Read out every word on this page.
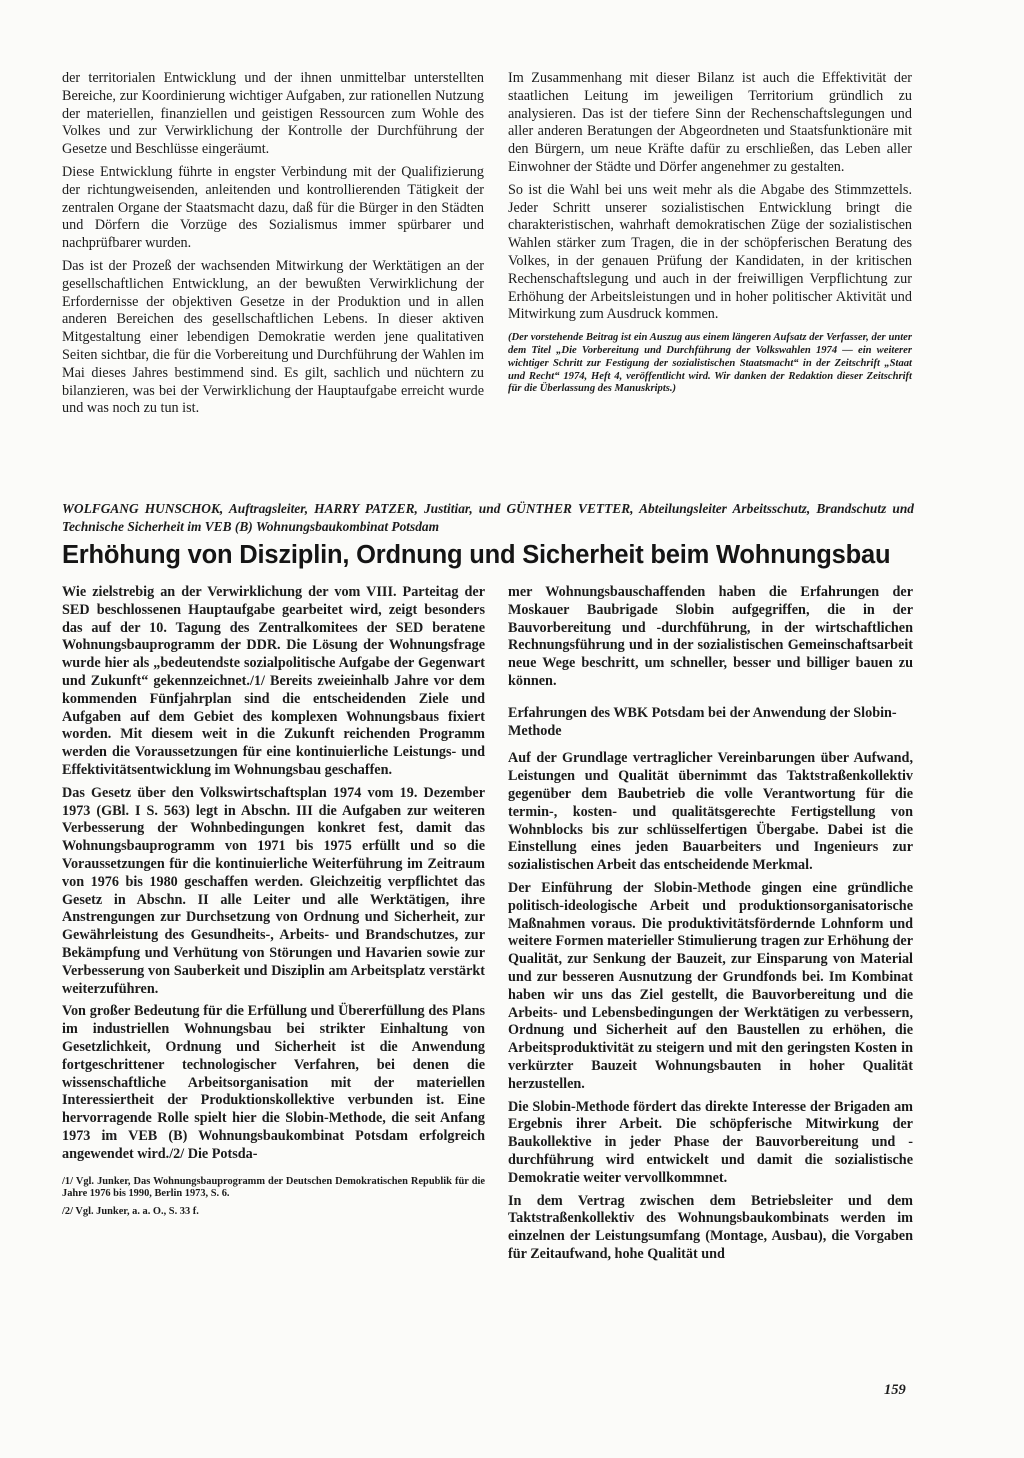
der territorialen Entwicklung und der ihnen unmittelbar unterstellten Bereiche, zur Koordinierung wichtiger Aufgaben, zur rationellen Nutzung der materiellen, finanziellen und geistigen Ressourcen zum Wohle des Volkes und zur Verwirklichung der Kontrolle der Durchführung der Gesetze und Beschlüsse eingeräumt.

Diese Entwicklung führte in engster Verbindung mit der Qualifizierung der richtungweisenden, anleitenden und kontrollierenden Tätigkeit der zentralen Organe der Staatsmacht dazu, daß für die Bürger in den Städten und Dörfern die Vorzüge des Sozialismus immer spürbarer und nachprüfbarer wurden.

Das ist der Prozeß der wachsenden Mitwirkung der Werktätigen an der gesellschaftlichen Entwicklung, an der bewußten Verwirklichung der Erfordernisse der objektiven Gesetze in der Produktion und in allen anderen Bereichen des gesellschaftlichen Lebens. In dieser aktiven Mitgestaltung einer lebendigen Demokratie werden jene qualitativen Seiten sichtbar, die für die Vorbereitung und Durchführung der Wahlen im Mai dieses Jahres bestimmend sind. Es gilt, sachlich und nüchtern zu bilanzieren, was bei der Verwirklichung der Hauptaufgabe erreicht wurde und was noch zu tun ist.

Im Zusammenhang mit dieser Bilanz ist auch die Effektivität der staatlichen Leitung im jeweiligen Territorium gründlich zu analysieren. Das ist der tiefere Sinn der Rechenschaftslegungen und aller anderen Beratungen der Abgeordneten und Staatsfunktionäre mit den Bürgern, um neue Kräfte dafür zu erschließen, das Leben aller Einwohner der Städte und Dörfer angenehmer zu gestalten.

So ist die Wahl bei uns weit mehr als die Abgabe des Stimmzettels. Jeder Schritt unserer sozialistischen Entwicklung bringt die charakteristischen, wahrhaft demokratischen Züge der sozialistischen Wahlen stärker zum Tragen, die in der schöpferischen Beratung des Volkes, in der genauen Prüfung der Kandidaten, in der kritischen Rechenschaftslegung und auch in der freiwilligen Verpflichtung zur Erhöhung der Arbeitsleistungen und in hoher politischer Aktivität und Mitwirkung zum Ausdruck kommen.

(Der vorstehende Beitrag ist ein Auszug aus einem längeren Aufsatz der Verfasser, der unter dem Titel „Die Vorbereitung und Durchführung der Volkswahlen 1974 — ein weiterer wichtiger Schritt zur Festigung der sozialistischen Staatsmacht“ in der Zeitschrift „Staat und Recht“ 1974, Heft 4, veröffentlicht wird. Wir danken der Redaktion dieser Zeitschrift für die Überlassung des Manuskripts.)

WOLFGANG HUNSCHOK, Auftragsleiter, HARRY PATZER, Justitiar, und GÜNTHER VETTER, Abteilungsleiter Arbeitsschutz, Brandschutz und Technische Sicherheit im VEB (B) Wohnungsbaukombinat Potsdam
Erhöhung von Disziplin, Ordnung und Sicherheit beim Wohnungsbau

Wie zielstrebig an der Verwirklichung der vom VIII. Parteitag der SED beschlossenen Hauptaufgabe gearbeitet wird, zeigt besonders das auf der 10. Tagung des Zentralkomitees der SED beratene Wohnungsbauprogramm der DDR. Die Lösung der Wohnungsfrage wurde hier als „bedeutendste sozialpolitische Aufgabe der Gegenwart und Zukunft“ gekennzeichnet./1/ Bereits zweieinhalb Jahre vor dem kommenden Fünfjahrplan sind die entscheidenden Ziele und Aufgaben auf dem Gebiet des komplexen Wohnungsbaus fixiert worden. Mit diesem weit in die Zukunft reichenden Programm werden die Voraussetzungen für eine kontinuierliche Leistungs- und Effektivitätsentwicklung im Wohnungsbau geschaffen.

Das Gesetz über den Volkswirtschaftsplan 1974 vom 19. Dezember 1973 (GBl. I S. 563) legt in Abschn. III die Aufgaben zur weiteren Verbesserung der Wohnbedingungen konkret fest, damit das Wohnungsbauprogramm von 1971 bis 1975 erfüllt und so die Voraussetzungen für die kontinuierliche Weiterführung im Zeitraum von 1976 bis 1980 geschaffen werden. Gleichzeitig verpflichtet das Gesetz in Abschn. II alle Leiter und alle Werktätigen, ihre Anstrengungen zur Durchsetzung von Ordnung und Sicherheit, zur Gewährleistung des Gesundheits-, Arbeits- und Brandschutzes, zur Bekämpfung und Verhütung von Störungen und Havarien sowie zur Verbesserung von Sauberkeit und Disziplin am Arbeitsplatz verstärkt weiterzuführen.

Von großer Bedeutung für die Erfüllung und Übererfüllung des Plans im industriellen Wohnungsbau bei strikter Einhaltung von Gesetzlichkeit, Ordnung und Sicherheit ist die Anwendung fortgeschrittener technologischer Verfahren, bei denen die wissenschaftliche Arbeitsorganisation mit der materiellen Interessiertheit der Produktionskollektive verbunden ist. Eine hervorragende Rolle spielt hier die Slobin-Methode, die seit Anfang 1973 im VEB (B) Wohnungsbaukombinat Potsdam erfolgreich angewendet wird./2/ Die Potsda-

/1/ Vgl. Junker, Das Wohnungsbauprogramm der Deutschen Demokratischen Republik für die Jahre 1976 bis 1990, Berlin 1973, S. 6.

/2/ Vgl. Junker, a. a. O., S. 33 f.

mer Wohnungsbauschaffenden haben die Erfahrungen der Moskauer Baubrigade Slobin aufgegriffen, die in der Bauvorbereitung und -durchführung, in der wirtschaftlichen Rechnungsführung und in der sozialistischen Gemeinschaftsarbeit neue Wege beschritt, um schneller, besser und billiger bauen zu können.

Erfahrungen des WBK Potsdam bei der Anwendung der Slobin-Methode

Auf der Grundlage vertraglicher Vereinbarungen über Aufwand, Leistungen und Qualität übernimmt das Taktstraßenkollektiv gegenüber dem Baubetrieb die volle Verantwortung für die termin-, kosten- und qualitätsgerechte Fertigstellung von Wohnblocks bis zur schlüsselfertigen Übergabe. Dabei ist die Einstellung eines jeden Bauarbeiters und Ingenieurs zur sozialistischen Arbeit das entscheidende Merkmal.

Der Einführung der Slobin-Methode gingen eine gründliche politisch-ideologische Arbeit und produktionsorganisatorische Maßnahmen voraus. Die produktivitätsfördernde Lohnform und weitere Formen materieller Stimulierung tragen zur Erhöhung der Qualität, zur Senkung der Bauzeit, zur Einsparung von Material und zur besseren Ausnutzung der Grundfonds bei. Im Kombinat haben wir uns das Ziel gestellt, die Bauvorbereitung und die Arbeits- und Lebensbedingungen der Werktätigen zu verbessern, Ordnung und Sicherheit auf den Baustellen zu erhöhen, die Arbeitsproduktivität zu steigern und mit den geringsten Kosten in verkürzter Bauzeit Wohnungsbauten in hoher Qualität herzustellen.

Die Slobin-Methode fördert das direkte Interesse der Brigaden am Ergebnis ihrer Arbeit. Die schöpferische Mitwirkung der Baukollektive in jeder Phase der Bauvorbereitung und -durchführung wird entwickelt und damit die sozialistische Demokratie weiter vervollkommnet.

In dem Vertrag zwischen dem Betriebsleiter und dem Taktstraßenkollektiv des Wohnungsbaukombinats werden im einzelnen der Leistungsumfang (Montage, Ausbau), die Vorgaben für Zeitaufwand, hohe Qualität und

159
